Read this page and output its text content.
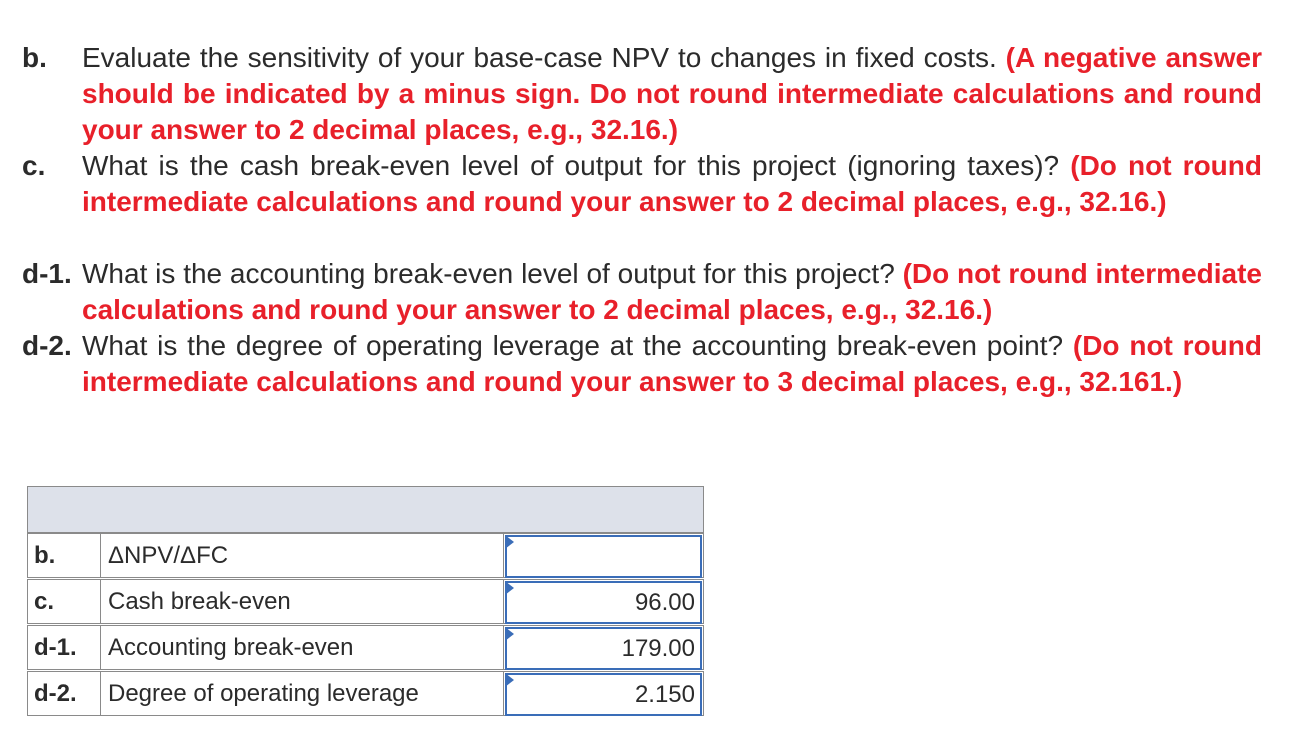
b. Evaluate the sensitivity of your base-case NPV to changes in fixed costs. (A negative answer should be indicated by a minus sign. Do not round intermediate calculations and round your answer to 2 decimal places, e.g., 32.16.)
c. What is the cash break-even level of output for this project (ignoring taxes)? (Do not round intermediate calculations and round your answer to 2 decimal places, e.g., 32.16.)
d-1. What is the accounting break-even level of output for this project? (Do not round intermediate calculations and round your answer to 2 decimal places, e.g., 32.16.)
d-2. What is the degree of operating leverage at the accounting break-even point? (Do not round intermediate calculations and round your answer to 3 decimal places, e.g., 32.161.)
b.	ΔNPV/ΔFC
c.	Cash break-even	96.00
d-1.	Accounting break-even	179.00
d-2.	Degree of operating leverage	2.150
